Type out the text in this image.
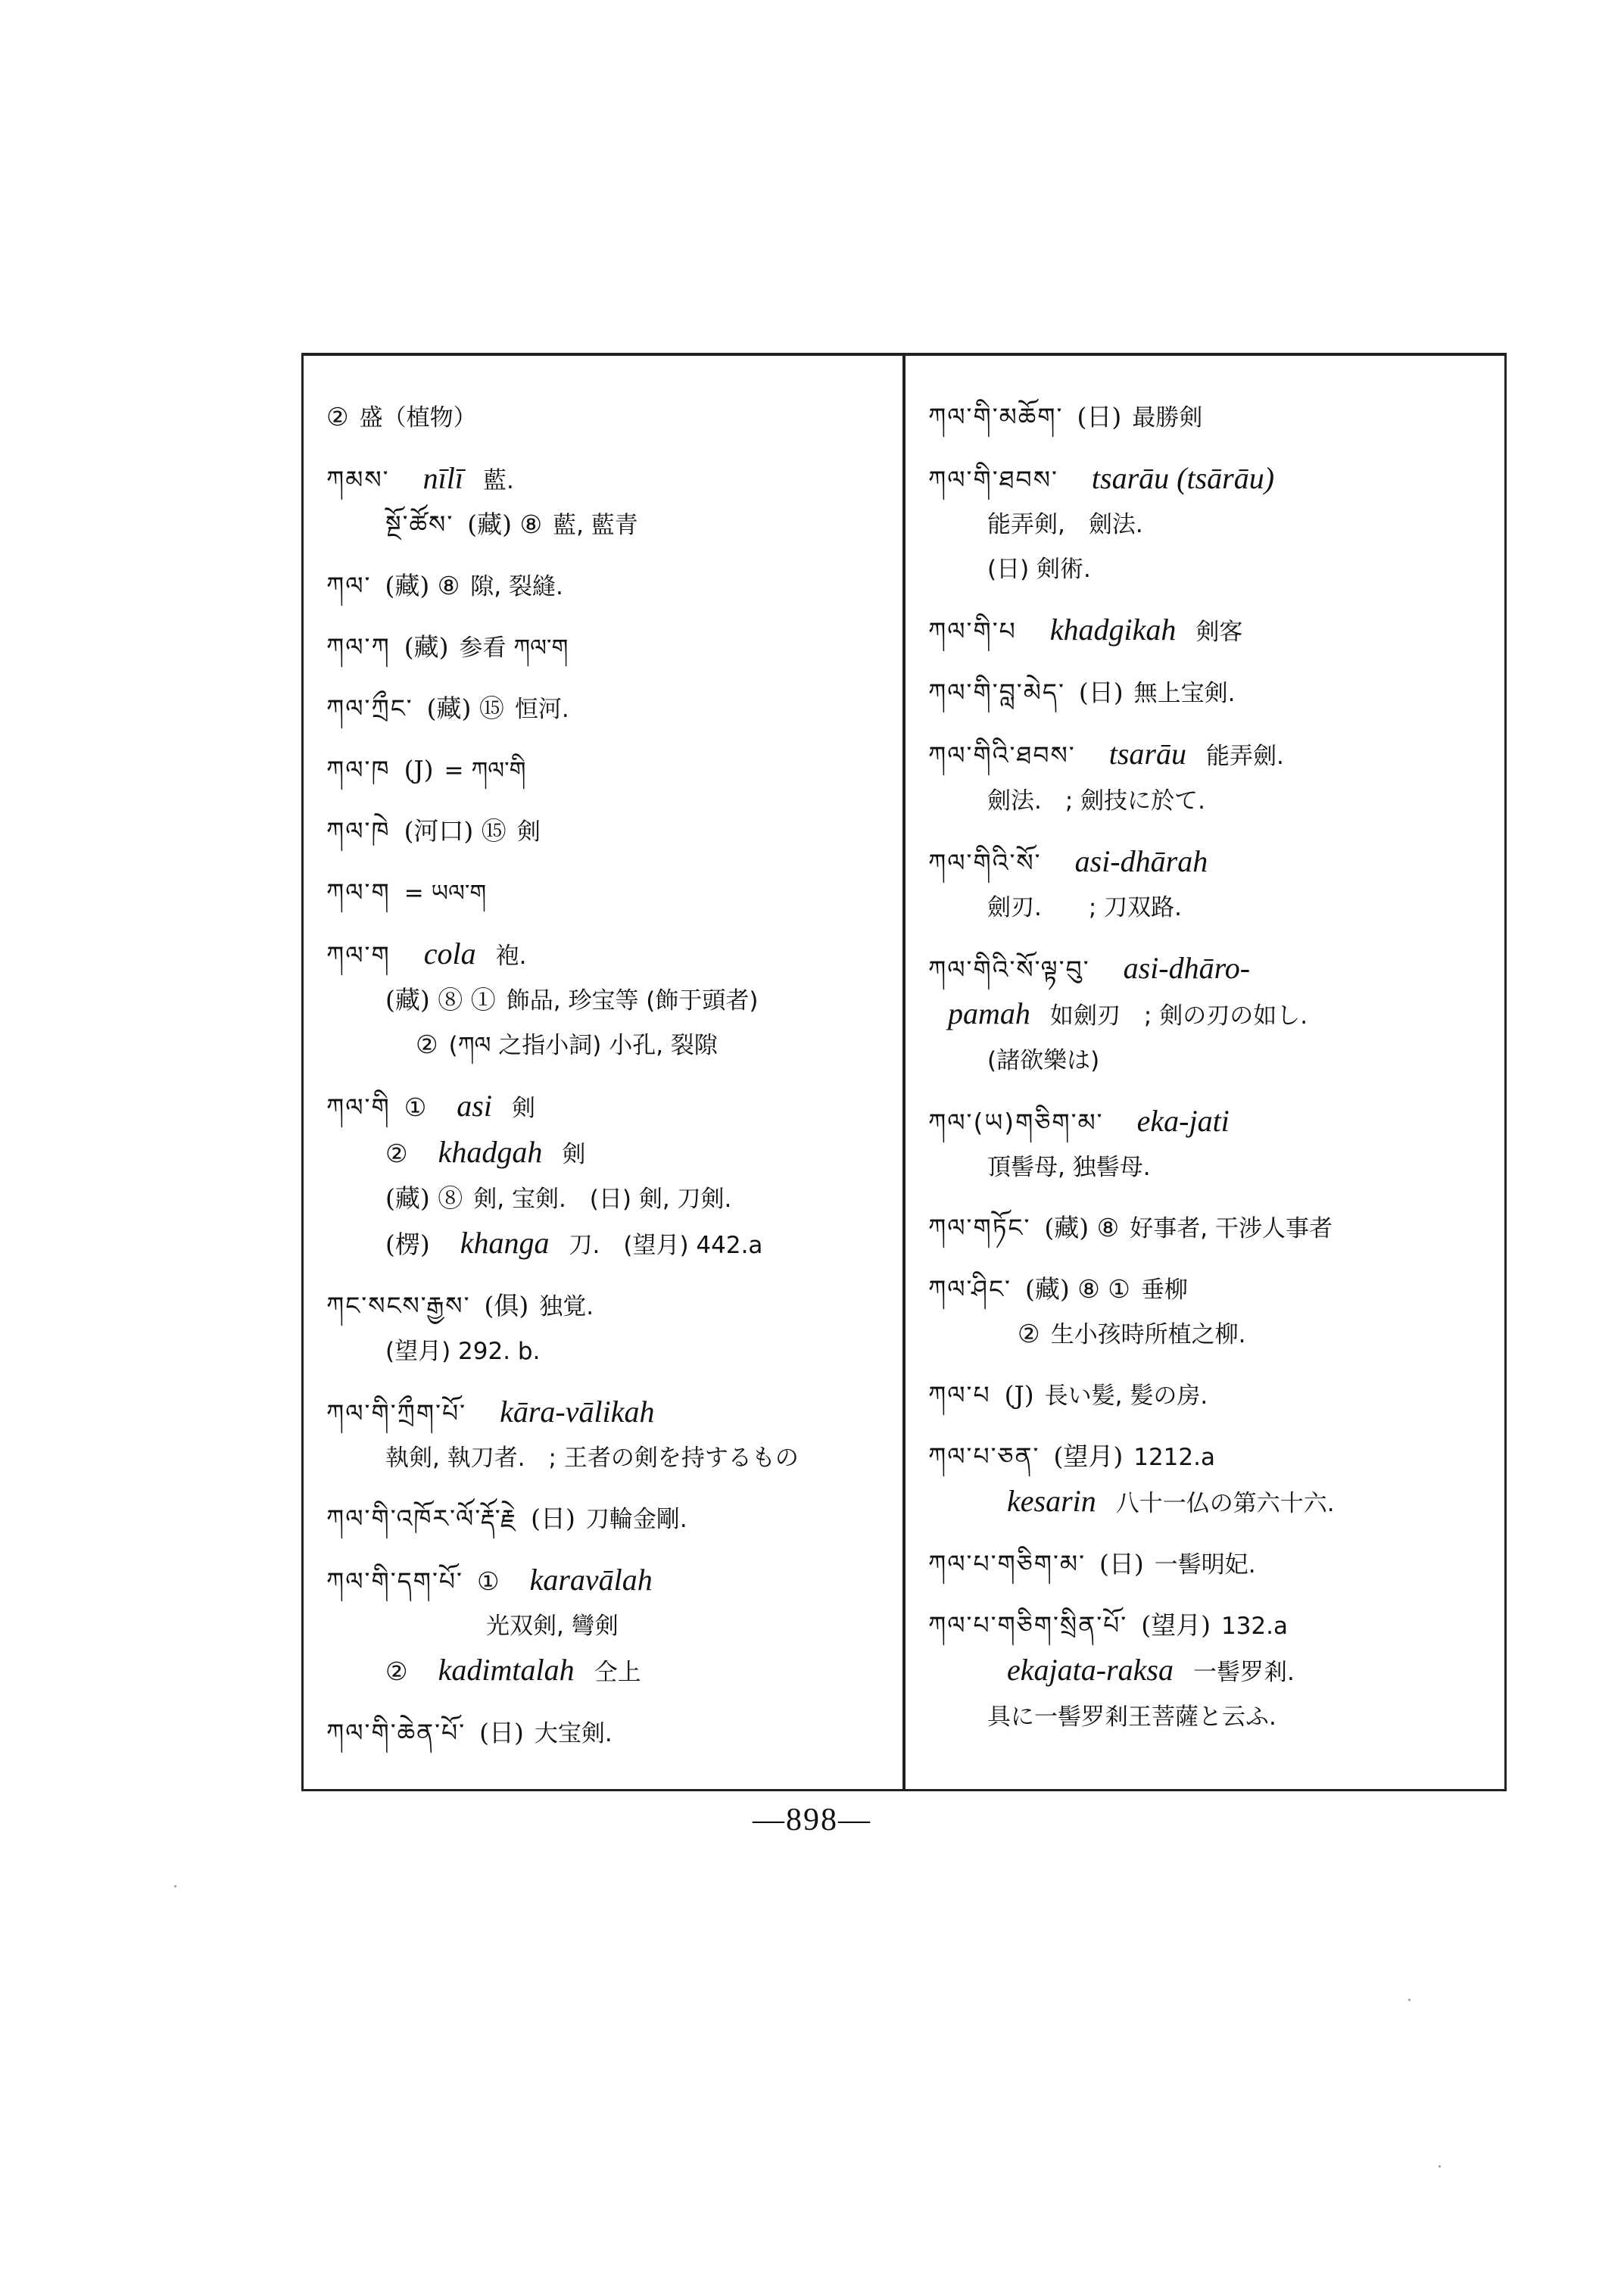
② 盛（植物）
ཀམས་ nīlī 藍.
སྔོ་ཚོས་ (藏) ⑧ 藍, 藍青
ཀལ་ (藏) ⑧ 隙, 裂縫.
ཀལ་ཀ (藏) 参看 ཀལ་ག
ཀལ་ཀྲྀང་ (藏) ⑮ 恒河.
ཀལ་ཁ (J) = ཀལ་གི
ཀལ་ཁེ (河口) ⑮ 剣
ཀལ་ག = ཡལ་ག
ཀལ་ག cola 袍.
(藏) ⑧ ① 飾品, 珍宝等 (飾于頭者)
② (ཀལ 之指小詞) 小孔, 裂隙
ཀལ་གི ① asi 剣
② khadgah 剣
(藏) ⑧ 剣, 宝剣.　(日) 剣, 刀剣.
(楞) khanga 刀.　(望月) 442.a
ཀང་སངས་རྒྱས་ (俱) 独覚.
(望月) 292. b.
ཀལ་གི་ཀྲྀག་པོ་ kāra-vālikah
執剣, 執刀者.　; 王者の剣を持するもの
ཀལ་གི་འཁོར་ལོ་རྡོ་རྗེ (日) 刀輪金剛.
ཀལ་གི་དག་པོ་ ① karavālah
　　　光双剣, 彎剣
② kadimtalah 仝上
ཀལ་གི་ཆེན་པོ་ (日) 大宝剣.
ཀལ་གི་མཆོག་ (日) 最勝剣
ཀལ་གི་ཐབས་ tsarāu (tsārāu)
能弄剣,　劍法.
(日) 剣術.
ཀལ་གི་པ khadgikah 剣客
ཀལ་གི་བླ་མེད་ (日) 無上宝剣.
ཀལ་གིའི་ཐབས་ tsarāu 能弄劍.
劍法.　; 劍技に於て.
ཀལ་གིའི་སོ་ asi-dhārah
劍刃.　　; 刀双路.
ཀལ་གིའི་སོ་ལྟ་བུ་ asi-dhāro-
pamah 如劍刃　; 剣の刃の如し.
(諸欲樂は)
ཀལ་(ཡ)གཅིག་མ་ eka-jati
頂髻母, 独髻母.
ཀལ་གཏོང་ (藏) ⑧ 好事者, 干涉人事者
ཀལ་ཤིང་ (藏) ⑧ ① 垂柳
② 生小孩時所植之柳.
ཀལ་པ (J) 長い髪, 髪の房.
ཀལ་པ་ཅན་ (望月) 1212.a
kesarin 八十一仏の第六十六.
ཀལ་པ་གཅིག་མ་ (日) 一髻明妃.
ཀལ་པ་གཅིག་སྲིན་པོ་ (望月) 132.a
ekajata-raksa 一髻罗剎.
具に一髻罗剎王菩薩と云ふ.
—898—
